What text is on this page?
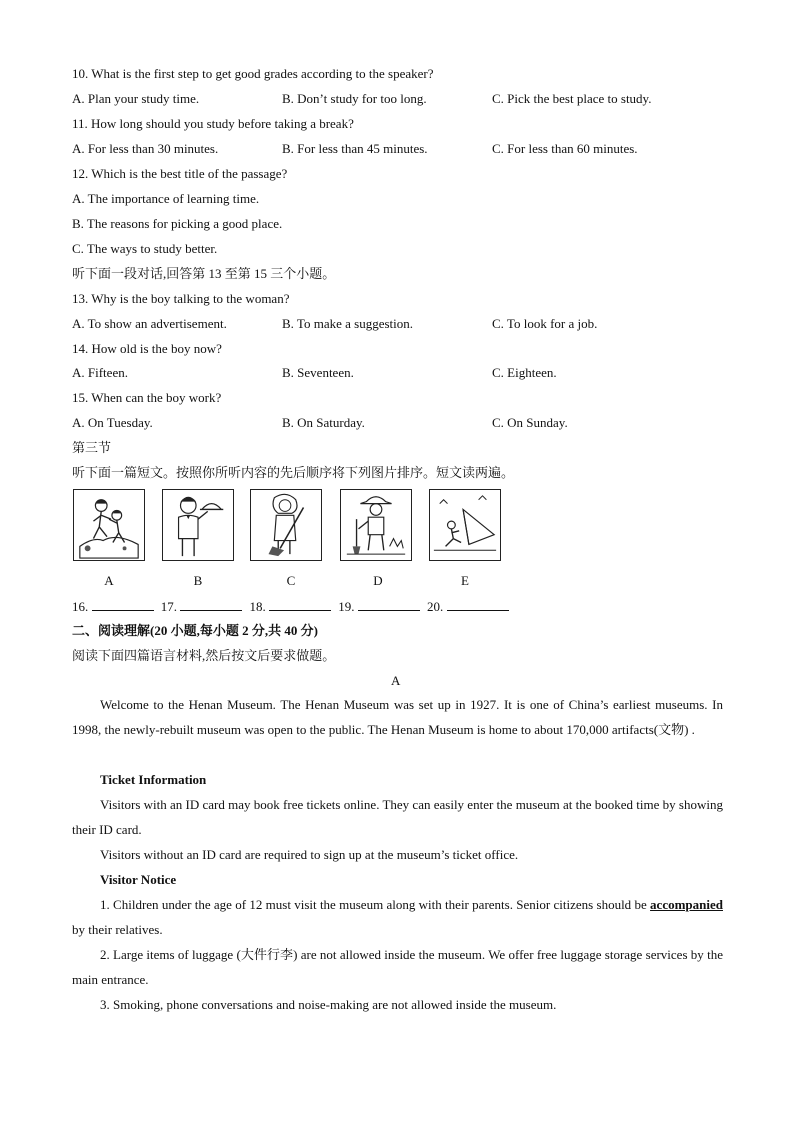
10. What is the first step to get good grades according to the speaker?
A. Plan your study time.	B. Don’t study for too long.	C. Pick the best place to study.
11. How long should you study before taking a break?
A. For less than 30 minutes.	B. For less than 45 minutes.	C. For less than 60 minutes.
12. Which is the best title of the passage?
A. The importance of learning time.
B. The reasons for picking a good place.
C. The ways to study better.
听下面一段对话,回答第 13 至第 15 三个小题。
13. Why is the boy talking to the woman?
A. To show an advertisement.	B. To make a suggestion.	C. To look for a job.
14. How old is the boy now?
A. Fifteen.	B. Seventeen.	C. Eighteen.
15. When can the boy work?
A. On Tuesday.	B. On Saturday.	C. On Sunday.
第三节
听下面一篇短文。按照你所听内容的先后顺序将下列图片排序。短文读两遍。
A	B	C	D	E
16.	17.	18.	19.	20.
二、阅读理解(20 小题,每小题 2 分,共 40 分)
阅读下面四篇语言材料,然后按文后要求做题。
A
Welcome to the Henan Museum. The Henan Museum was set up in 1927. It is one of China’s earliest museums. In 1998, the newly-rebuilt museum was open to the public. The Henan Museum is home to about 170,000 artifacts(文物) .
Ticket Information
Visitors with an ID card may book free tickets online. They can easily enter the museum at the booked time by showing their ID card.
Visitors without an ID card are required to sign up at the museum’s ticket office.
Visitor Notice
1. Children under the age of 12 must visit the museum along with their parents. Senior citizens should be accompanied by their relatives.
2. Large items of luggage (大件行李) are not allowed inside the museum. We offer free luggage storage services by the main entrance.
3. Smoking, phone conversations and noise-making are not allowed inside the museum.
